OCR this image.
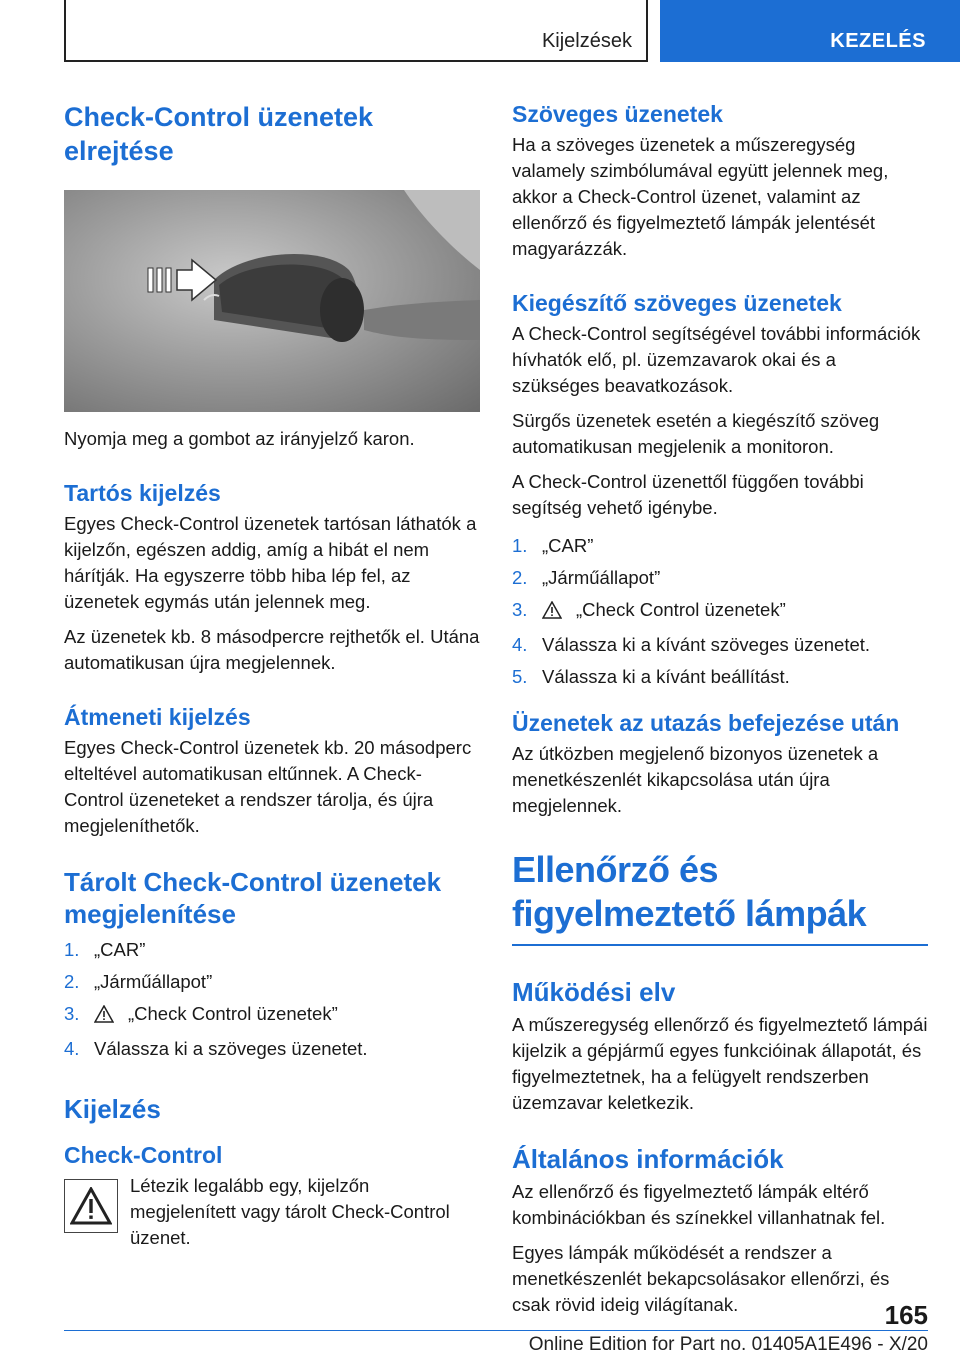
Kijelzések	KEZELÉS
Check-Control üzenetek
elrejtése

Nyomja meg a gombot az irányjelző karon.

Tartós kijelzés

Egyes Check-Control üzenetek tartósan láthatók a kijelzőn, egészen addig, amíg a hibát el nem hárítják. Ha egyszerre több hiba lép fel, az üzenetek egymás után jelennek meg.

Az üzenetek kb. 8 másodpercre rejthetők el. Utána automatikusan újra megjelennek.

Átmeneti kijelzés

Egyes Check-Control üzenetek kb. 20 másodperc elteltével automatikusan eltűnnek. A Check-Control üzeneteket a rendszer tárolja, és újra megjeleníthetők.

Tárolt Check-Control üzenetek megjelenítése
1. „CAR”
2. „Járműállapot”
3.	„Check Control üzenetek”
4. Válassza ki a szöveges üzenetet.
Kijelzés
Check-Control

Létezik legalább egy, kijelzőn megjelenített vagy tárolt Check-Control üzenet.

Szöveges üzenetek

Ha a szöveges üzenetek a műszeregység valamely szimbólumával együtt jelennek meg, akkor a Check-Control üzenet, valamint az ellenőrző és figyelmeztető lámpák jelentését magyarázzák.

Kiegészítő szöveges üzenetek

A Check-Control segítségével további információk hívhatók elő, pl. üzemzavarok okai és a szükséges beavatkozások.

Sürgős üzenetek esetén a kiegészítő szöveg automatikusan megjelenik a monitoron.

A Check-Control üzenettől függően további segítség vehető igénybe.

1. „CAR”
2. „Járműállapot”
3.	„Check Control üzenetek”
4. Válassza ki a kívánt szöveges üzenetet.
5. Válassza ki a kívánt beállítást.
Üzenetek az utazás befejezése után

Az útközben megjelenő bizonyos üzenetek a menetkészenlét kikapcsolása után újra megjelennek.

Ellenőrző és figyelmeztető lámpák
Működési elv

A műszeregység ellenőrző és figyelmeztető lámpái kijelzik a gépjármű egyes funkcióinak állapotát, és figyelmeztetnek, ha a felügyelt rendszerben üzemzavar keletkezik.

Általános információk

Az ellenőrző és figyelmeztető lámpák eltérő kombinációkban és színekkel villanhatnak fel.

Egyes lámpák működését a rendszer a menetkészenlét bekapcsolásakor ellenőrzi, és csak rövid ideig világítanak.	165
Online Edition for Part no. 01405A1E496 - X/20
